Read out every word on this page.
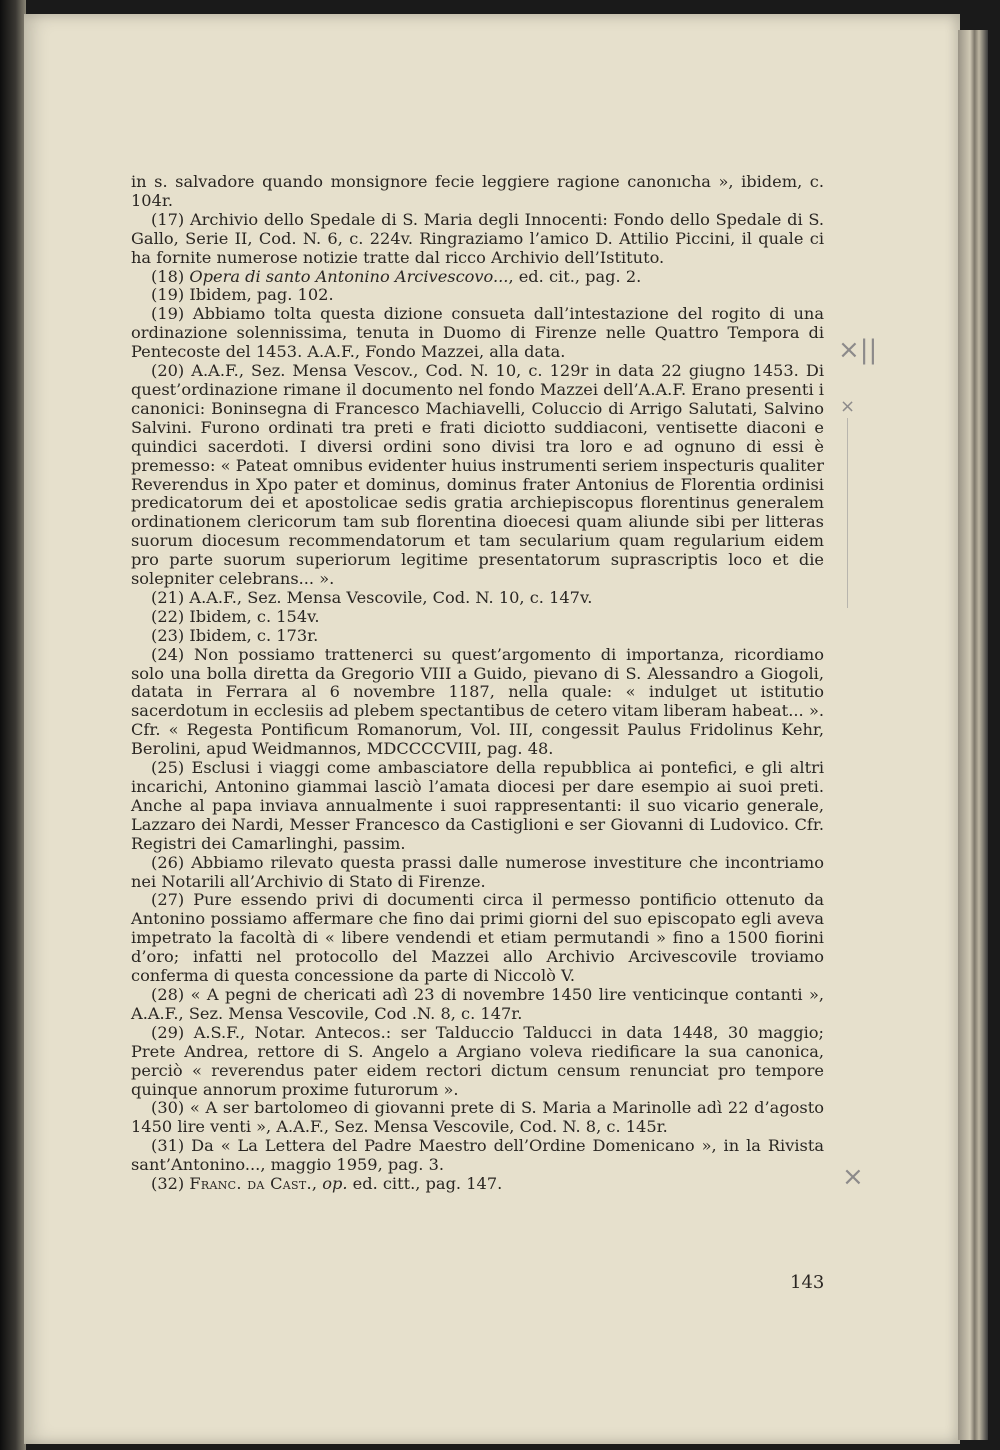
in s. salvadore quando monsignore fecie leggiere ragione canonıcha », ibidem, c. 104r.

(17) Archivio dello Spedale di S. Maria degli Innocenti: Fondo dello Spedale di S. Gallo, Serie II, Cod. N. 6, c. 224v. Ringraziamo l’amico D. Attilio Piccini, il quale ci ha fornite numerose notizie tratte dal ricco Archivio dell’Istituto.

(18) Opera di santo Antonino Arcivescovo..., ed. cit., pag. 2.

(19) Ibidem, pag. 102.

(19) Abbiamo tolta questa dizione consueta dall’intestazione del rogito di una ordinazione solennissima, tenuta in Duomo di Firenze nelle Quattro Tempora di Pentecoste del 1453. A.A.F., Fondo Mazzei, alla data.

(20) A.A.F., Sez. Mensa Vescov., Cod. N. 10, c. 129r in data 22 giugno 1453. Di quest’ordinazione rimane il documento nel fondo Mazzei dell’A.A.F. Erano presenti i canonici: Boninsegna di Francesco Machiavelli, Coluccio di Arrigo Salutati, Salvino Salvini. Furono ordinati tra preti e frati diciotto suddiaconi, ventisette diaconi e quindici sacerdoti. I diversi ordini sono divisi tra loro e ad ognuno di essi è premesso: « Pateat omnibus evidenter huius instrumenti seriem inspecturis qualiter Reverendus in Xpo pater et dominus, dominus frater Antonius de Florentia ordinisi predicatorum dei et apostolicae sedis gratia archiepiscopus florentinus generalem ordinationem clericorum tam sub florentina dioecesi quam aliunde sibi per litteras suorum diocesum recommendatorum et tam secularium quam regularium eidem pro parte suorum superiorum legitime presentatorum suprascriptis loco et die solepniter celebrans... ».

(21) A.A.F., Sez. Mensa Vescovile, Cod. N. 10, c. 147v.

(22) Ibidem, c. 154v.

(23) Ibidem, c. 173r.

(24) Non possiamo trattenerci su quest’argomento di importanza, ricordiamo solo una bolla diretta da Gregorio VIII a Guido, pievano di S. Alessandro a Giogoli, datata in Ferrara al 6 novembre 1187, nella quale: « indulget ut istitutio sacerdotum in ecclesiis ad plebem spectantibus de cetero vitam liberam habeat... ». Cfr. « Regesta Pontificum Romanorum, Vol. III, congessit Paulus Fridolinus Kehr, Berolini, apud Weidmannos, MDCCCCVIII, pag. 48.

(25) Esclusi i viaggi come ambasciatore della repubblica ai pontefici, e gli altri incarichi, Antonino giammai lasciò l’amata diocesi per dare esempio ai suoi preti. Anche al papa inviava annualmente i suoi rappresentanti: il suo vicario generale, Lazzaro dei Nardi, Messer Francesco da Castiglioni e ser Giovanni di Ludovico. Cfr. Registri dei Camarlinghi, passim.

(26) Abbiamo rilevato questa prassi dalle numerose investiture che incontriamo nei Notarili all’Archivio di Stato di Firenze.

(27) Pure essendo privi di documenti circa il permesso pontificio ottenuto da Antonino possiamo affermare che fino dai primi giorni del suo episcopato egli aveva impetrato la facoltà di « libere vendendi et etiam permutandi » fino a 1500 fiorini d’oro; infatti nel protocollo del Mazzei allo Archivio Arcivescovile troviamo conferma di questa concessione da parte di Niccolò V.

(28) « A pegni de chericati adì 23 di novembre 1450 lire venticinque contanti », A.A.F., Sez. Mensa Vescovile, Cod .N. 8, c. 147r.

(29) A.S.F., Notar. Antecos.: ser Talduccio Talducci in data 1448, 30 maggio; Prete Andrea, rettore di S. Angelo a Argiano voleva riedificare la sua canonica, perciò « reverendus pater eidem rectori dictum censum renunciat pro tempore quinque annorum proxime futurorum ».

(30) « A ser bartolomeo di giovanni prete di S. Maria a Marinolle adì 22 d’agosto 1450 lire venti », A.A.F., Sez. Mensa Vescovile, Cod. N. 8, c. 145r.

(31) Da « La Lettera del Padre Maestro dell’Ordine Domenicano », in la Rivista sant’Antonino..., maggio 1959, pag. 3.

(32) Franc. da Cast., op. ed. citt., pag. 147.

×||
×
×
143
